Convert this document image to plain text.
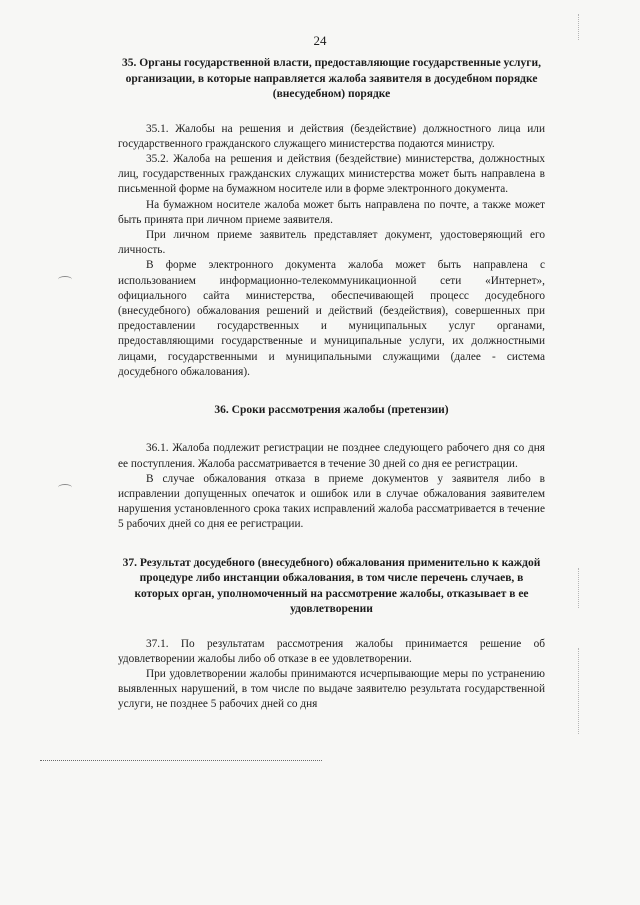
24
35. Органы государственной власти, предоставляющие государственные услуги, организации, в которые направляется жалоба заявителя в досудебном порядке (внесудебном) порядке

35.1. Жалобы на решения и действия (бездействие) должностного лица или государственного гражданского служащего министерства подаются министру.

35.2. Жалоба на решения и действия (бездействие) министерства, должностных лиц, государственных гражданских служащих министерства может быть направлена в письменной форме на бумажном носителе или в форме электронного документа.

На бумажном носителе жалоба может быть направлена по почте, а также может быть принята при личном приеме заявителя.

При личном приеме заявитель представляет документ, удостоверяющий его личность.

В форме электронного документа жалоба может быть направлена с использованием информационно-телекоммуникационной сети «Интернет», официального сайта министерства, обеспечивающей процесс досудебного (внесудебного) обжалования решений и действий (бездействия), совершенных при предоставлении государственных и муниципальных услуг органами, предоставляющими государственные и муниципальные услуги, их должностными лицами, государственными и муниципальными служащими (далее - система досудебного обжалования).

36. Сроки рассмотрения жалобы (претензии)

36.1. Жалоба подлежит регистрации не позднее следующего рабочего дня со дня ее поступления. Жалоба рассматривается в течение 30 дней со дня ее регистрации.

В случае обжалования отказа в приеме документов у заявителя либо в исправлении допущенных опечаток и ошибок или в случае обжалования заявителем нарушения установленного срока таких исправлений жалоба рассматривается в течение 5 рабочих дней со дня ее регистрации.

37. Результат досудебного (внесудебного) обжалования применительно к каждой процедуре либо инстанции обжалования, в том числе перечень случаев, в которых орган, уполномоченный на рассмотрение жалобы, отказывает в ее удовлетворении

37.1. По результатам рассмотрения жалобы принимается решение об удовлетворении жалобы либо об отказе в ее удовлетворении.

При удовлетворении жалобы принимаются исчерпывающие меры по устранению выявленных нарушений, в том числе по выдаче заявителю результата государственной услуги, не позднее 5 рабочих дней со дня
